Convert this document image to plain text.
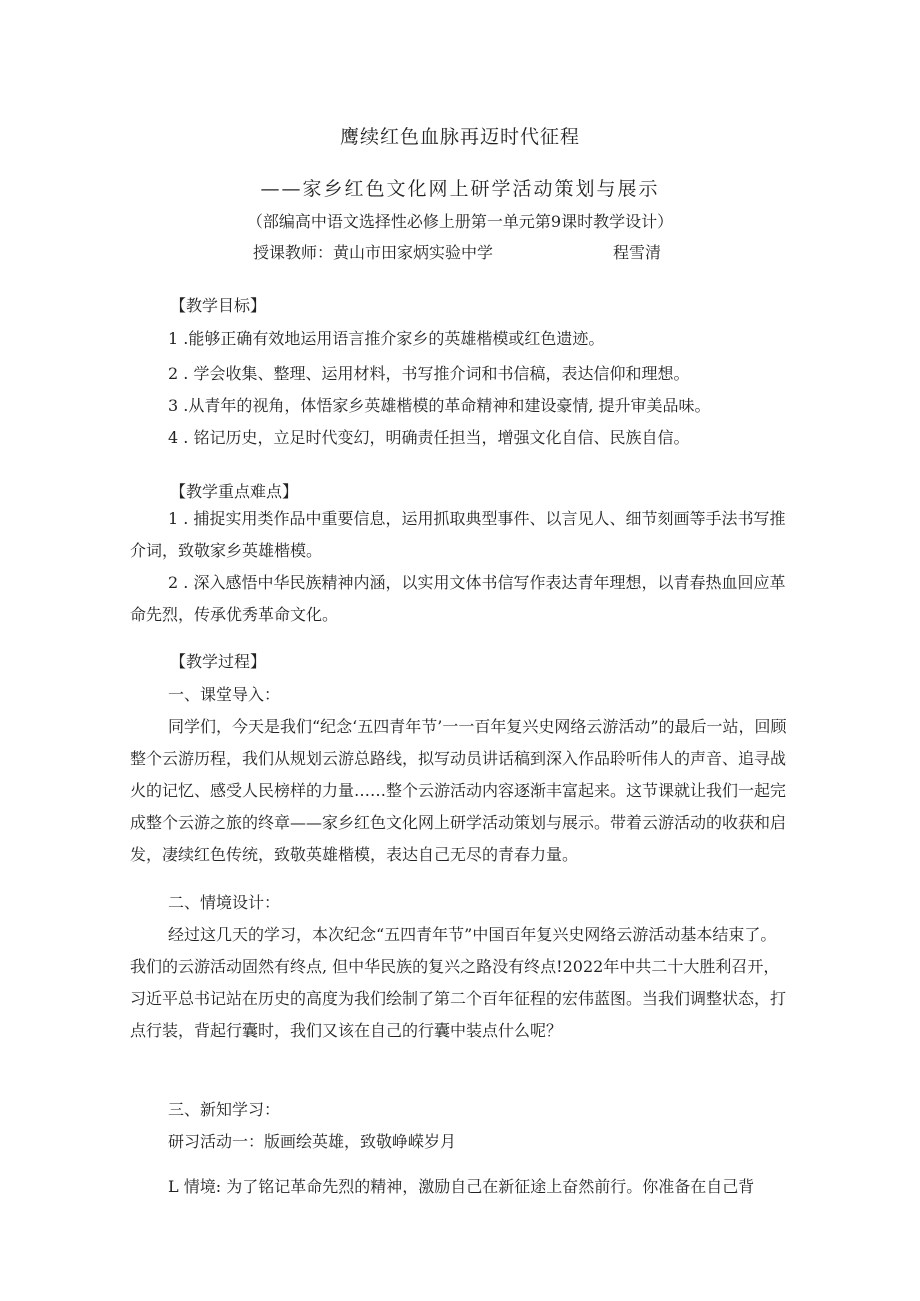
鹰续红色血脉再迈时代征程
——家乡红色文化网上研学活动策划与展示
（部编高中语文选择性必修上册第一单元第9课时教学设计）
授课教师：黄山市田家炳实验中学	程雪清
【教学目标】
1 .能够正确有效地运用语言推介家乡的英雄楷模或红色遗迹。
2 . 学会收集、整理、运用材料，书写推介词和书信稿，表达信仰和理想。
3 .从青年的视角，体悟家乡英雄楷模的革命精神和建设豪情, 提升审美品味。
4 . 铭记历史，立足时代变幻，明确责任担当，增强文化自信、民族自信。
【教学重点难点】
1 . 捕捉实用类作品中重要信息，运用抓取典型事件、以言见人、细节刻画等手法书写推介词，致敬家乡英雄楷模。
2 . 深入感悟中华民族精神内涵，以实用文体书信写作表达青年理想，以青春热血回应革命先烈，传承优秀革命文化。
【教学过程】
一、课堂导入：
同学们，今天是我们“纪念‘五四青年节’一一百年复兴史网络云游活动”的最后一站，回顾整个云游历程，我们从规划云游总路线，拟写动员讲话稿到深入作品聆听伟人的声音、追寻战火的记忆、感受人民榜样的力量……整个云游活动内容逐渐丰富起来。这节课就让我们一起完成整个云游之旅的终章——家乡红色文化网上研学活动策划与展示。带着云游活动的收获和启发，凄续红色传统，致敬英雄楷模，表达自己无尽的青春力量。
二、情境设计：
经过这几天的学习，本次纪念“五四青年节”中国百年复兴史网络云游活动基本结束了。我们的云游活动固然有终点, 但中华民族的复兴之路没有终点!2022年中共二十大胜利召开，习近平总书记站在历史的高度为我们绘制了第二个百年征程的宏伟蓝图。当我们调整状态，打点行装，背起行囊时，我们又该在自己的行囊中装点什么呢？
三、新知学习：
研习活动一：版画绘英雄，致敬峥嵘岁月
L 情境: 为了铭记革命先烈的精神，激励自己在新征途上奋然前行。你准备在自己背
